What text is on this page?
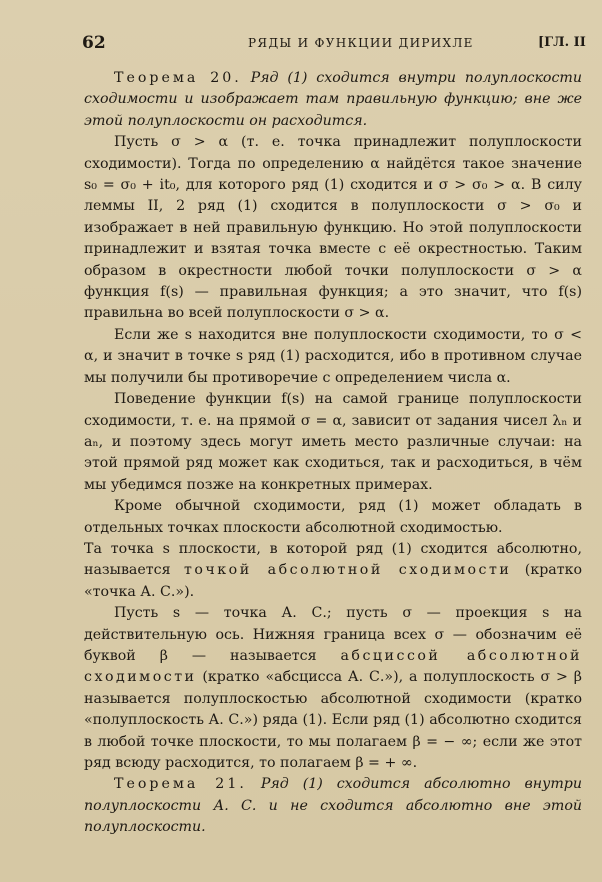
62	РЯДЫ И ФУНКЦИИ ДИРИХЛЕ	[ГЛ. II

Теорема 20. Ряд (1) сходится внутри полуплоскости сходимости и изображает там правильную функцию; вне же этой полуплоскости он расходится.

Пусть σ > α (т. е. точка принадлежит полуплоскости сходимости). Тогда по определению α найдётся такое значение s₀ = σ₀ + it₀, для которого ряд (1) сходится и σ > σ₀ > α. В силу леммы II, 2 ряд (1) сходится в полуплоскости σ > σ₀ и изображает в ней правильную функцию. Но этой полуплоскости принадлежит и взятая точка вместе с её окрестностью. Таким образом в окрестности любой точки полуплоскости σ > α функция f(s) — правильная функция; а это значит, что f(s) правильна во всей полуплоскости σ > α.

Если же s находится вне полуплоскости сходимости, то σ < α, и значит в точке s ряд (1) расходится, ибо в противном случае мы получили бы противоречие с определением числа α.

Поведение функции f(s) на самой границе полуплоскости сходимости, т. е. на прямой σ = α, зависит от задания чисел λₙ и aₙ, и поэтому здесь могут иметь место различные случаи: на этой прямой ряд может как сходиться, так и расходиться, в чём мы убедимся позже на конкретных примерах.

Кроме обычной сходимости, ряд (1) может обладать в отдельных точках плоскости абсолютной сходимостью.

Та точка s плоскости, в которой ряд (1) сходится абсолютно, называется точкой абсолютной сходимости (кратко «точка А. С.»).

Пусть s — точка А. С.; пусть σ — проекция s на действительную ось. Нижняя граница всех σ — обозначим её буквой β — называется абсциссой абсолютной сходимости (кратко «абсцисса А. С.»), а полуплоскость σ > β называется полуплоскостью абсолютной сходимости (кратко «полуплоскость А. С.») ряда (1). Если ряд (1) абсолютно сходится в любой точке плоскости, то мы полагаем β = − ∞; если же этот ряд всюду расходится, то полагаем β = + ∞.

Теорема 21. Ряд (1) сходится абсолютно внутри полуплоскости А. С. и не сходится абсолютно вне этой полуплоскости.
